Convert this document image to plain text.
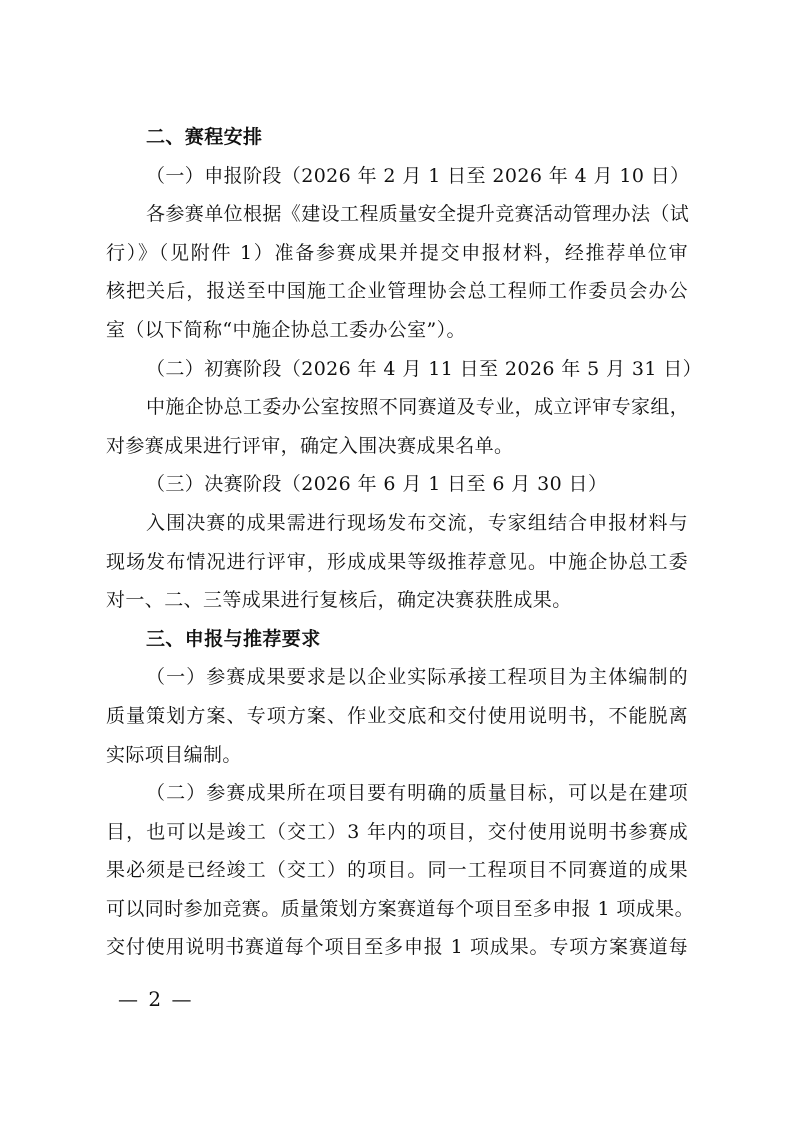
二、赛程安排
（一）申报阶段（2026 年 2 月 1 日至 2026 年 4 月 10 日）
各参赛单位根据《建设工程质量安全提升竞赛活动管理办法（试
行）》（见附件 1）准备参赛成果并提交申报材料，经推荐单位审
核把关后，报送至中国施工企业管理协会总工程师工作委员会办公
室（以下简称“中施企协总工委办公室”）。
（二）初赛阶段（2026 年 4 月 11 日至 2026 年 5 月 31 日）
中施企协总工委办公室按照不同赛道及专业，成立评审专家组，
对参赛成果进行评审，确定入围决赛成果名单。
（三）决赛阶段（2026 年 6 月 1 日至 6 月 30 日）
入围决赛的成果需进行现场发布交流，专家组结合申报材料与
现场发布情况进行评审，形成成果等级推荐意见。中施企协总工委
对一、二、三等成果进行复核后，确定决赛获胜成果。
三、申报与推荐要求
（一）参赛成果要求是以企业实际承接工程项目为主体编制的
质量策划方案、专项方案、作业交底和交付使用说明书，不能脱离
实际项目编制。
（二）参赛成果所在项目要有明确的质量目标，可以是在建项
目，也可以是竣工（交工）3 年内的项目，交付使用说明书参赛成
果必须是已经竣工（交工）的项目。同一工程项目不同赛道的成果
可以同时参加竞赛。质量策划方案赛道每个项目至多申报 1 项成果。
交付使用说明书赛道每个项目至多申报 1 项成果。专项方案赛道每
— 2 —
